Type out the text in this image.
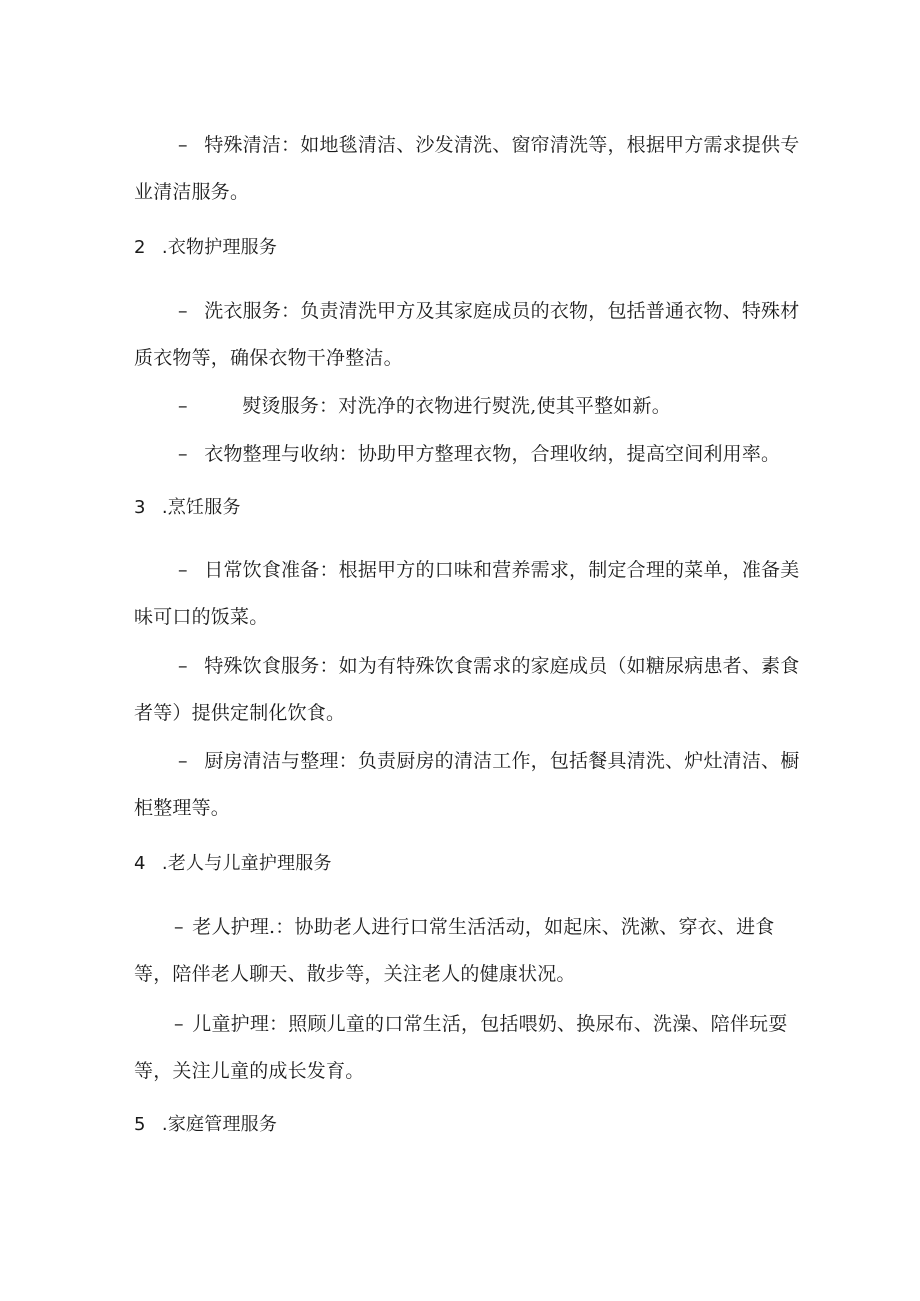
– 特殊清洁：如地毯清洁、沙发清洗、窗帘清洗等，根据甲方需求提供专
业清洁服务。
2 .衣物护理服务
– 洗衣服务：负责清洗甲方及其家庭成员的衣物，包括普通衣物、特殊材
质衣物等，确保衣物干净整洁。
–	熨烫服务：对洗净的衣物进行熨洗,使其平整如新。
– 衣物整理与收纳：协助甲方整理衣物，合理收纳，提高空间利用率。
3 .烹饪服务
– 日常饮食准备：根据甲方的口味和营养需求，制定合理的菜单，准备美
味可口的饭菜。
– 特殊饮食服务：如为有特殊饮食需求的家庭成员（如糖尿病患者、素食
者等）提供定制化饮食。
– 厨房清洁与整理：负责厨房的清洁工作，包括餐具清洗、炉灶清洁、橱
柜整理等。
4 .老人与儿童护理服务
– 老人护理.：协助老人进行口常生活活动，如起床、洗漱、穿衣、进食
等，陪伴老人聊天、散步等，关注老人的健康状况。
– 儿童护理：照顾儿童的口常生活，包括喂奶、换尿布、洗澡、陪伴玩耍
等，关注儿童的成长发育。
5 .家庭管理服务
